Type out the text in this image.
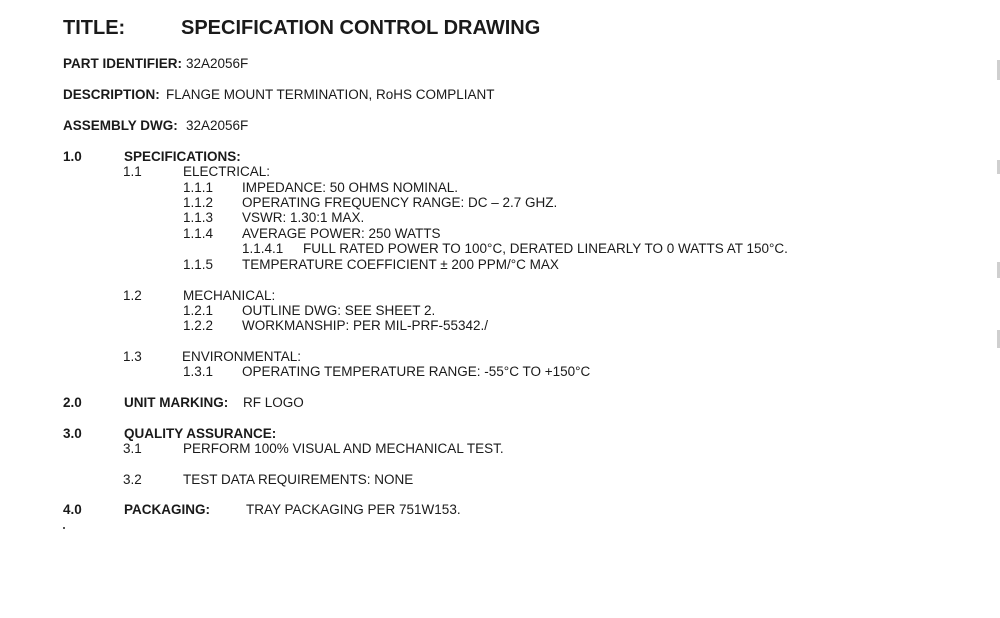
TITLE:	SPECIFICATION CONTROL DRAWING
PART IDENTIFIER: 32A2056F
DESCRIPTION: FLANGE MOUNT TERMINATION, RoHS COMPLIANT
ASSEMBLY DWG: 32A2056F
1.0	SPECIFICATIONS:
1.1	ELECTRICAL:
1.1.1 IMPEDANCE: 50 OHMS NOMINAL.
1.1.2 OPERATING FREQUENCY RANGE: DC – 2.7 GHZ.
1.1.3 VSWR: 1.30:1 MAX.
1.1.4 AVERAGE POWER: 250 WATTS
1.1.4.1 FULL RATED POWER TO 100°C, DERATED LINEARLY TO 0 WATTS AT 150°C.
1.1.5 TEMPERATURE COEFFICIENT ± 200 PPM/°C MAX
1.2	MECHANICAL:
1.2.1 OUTLINE DWG: SEE SHEET 2.
1.2.2 WORKMANSHIP: PER MIL-PRF-55342./
1.3	ENVIRONMENTAL:
1.3.1 OPERATING TEMPERATURE RANGE: -55°C TO +150°C
2.0	UNIT MARKING: RF LOGO
3.0	QUALITY ASSURANCE:
3.1	PERFORM 100% VISUAL AND MECHANICAL TEST.
3.2	TEST DATA REQUIREMENTS: NONE
4.0	PACKAGING:	TRAY PACKAGING PER 751W153.
